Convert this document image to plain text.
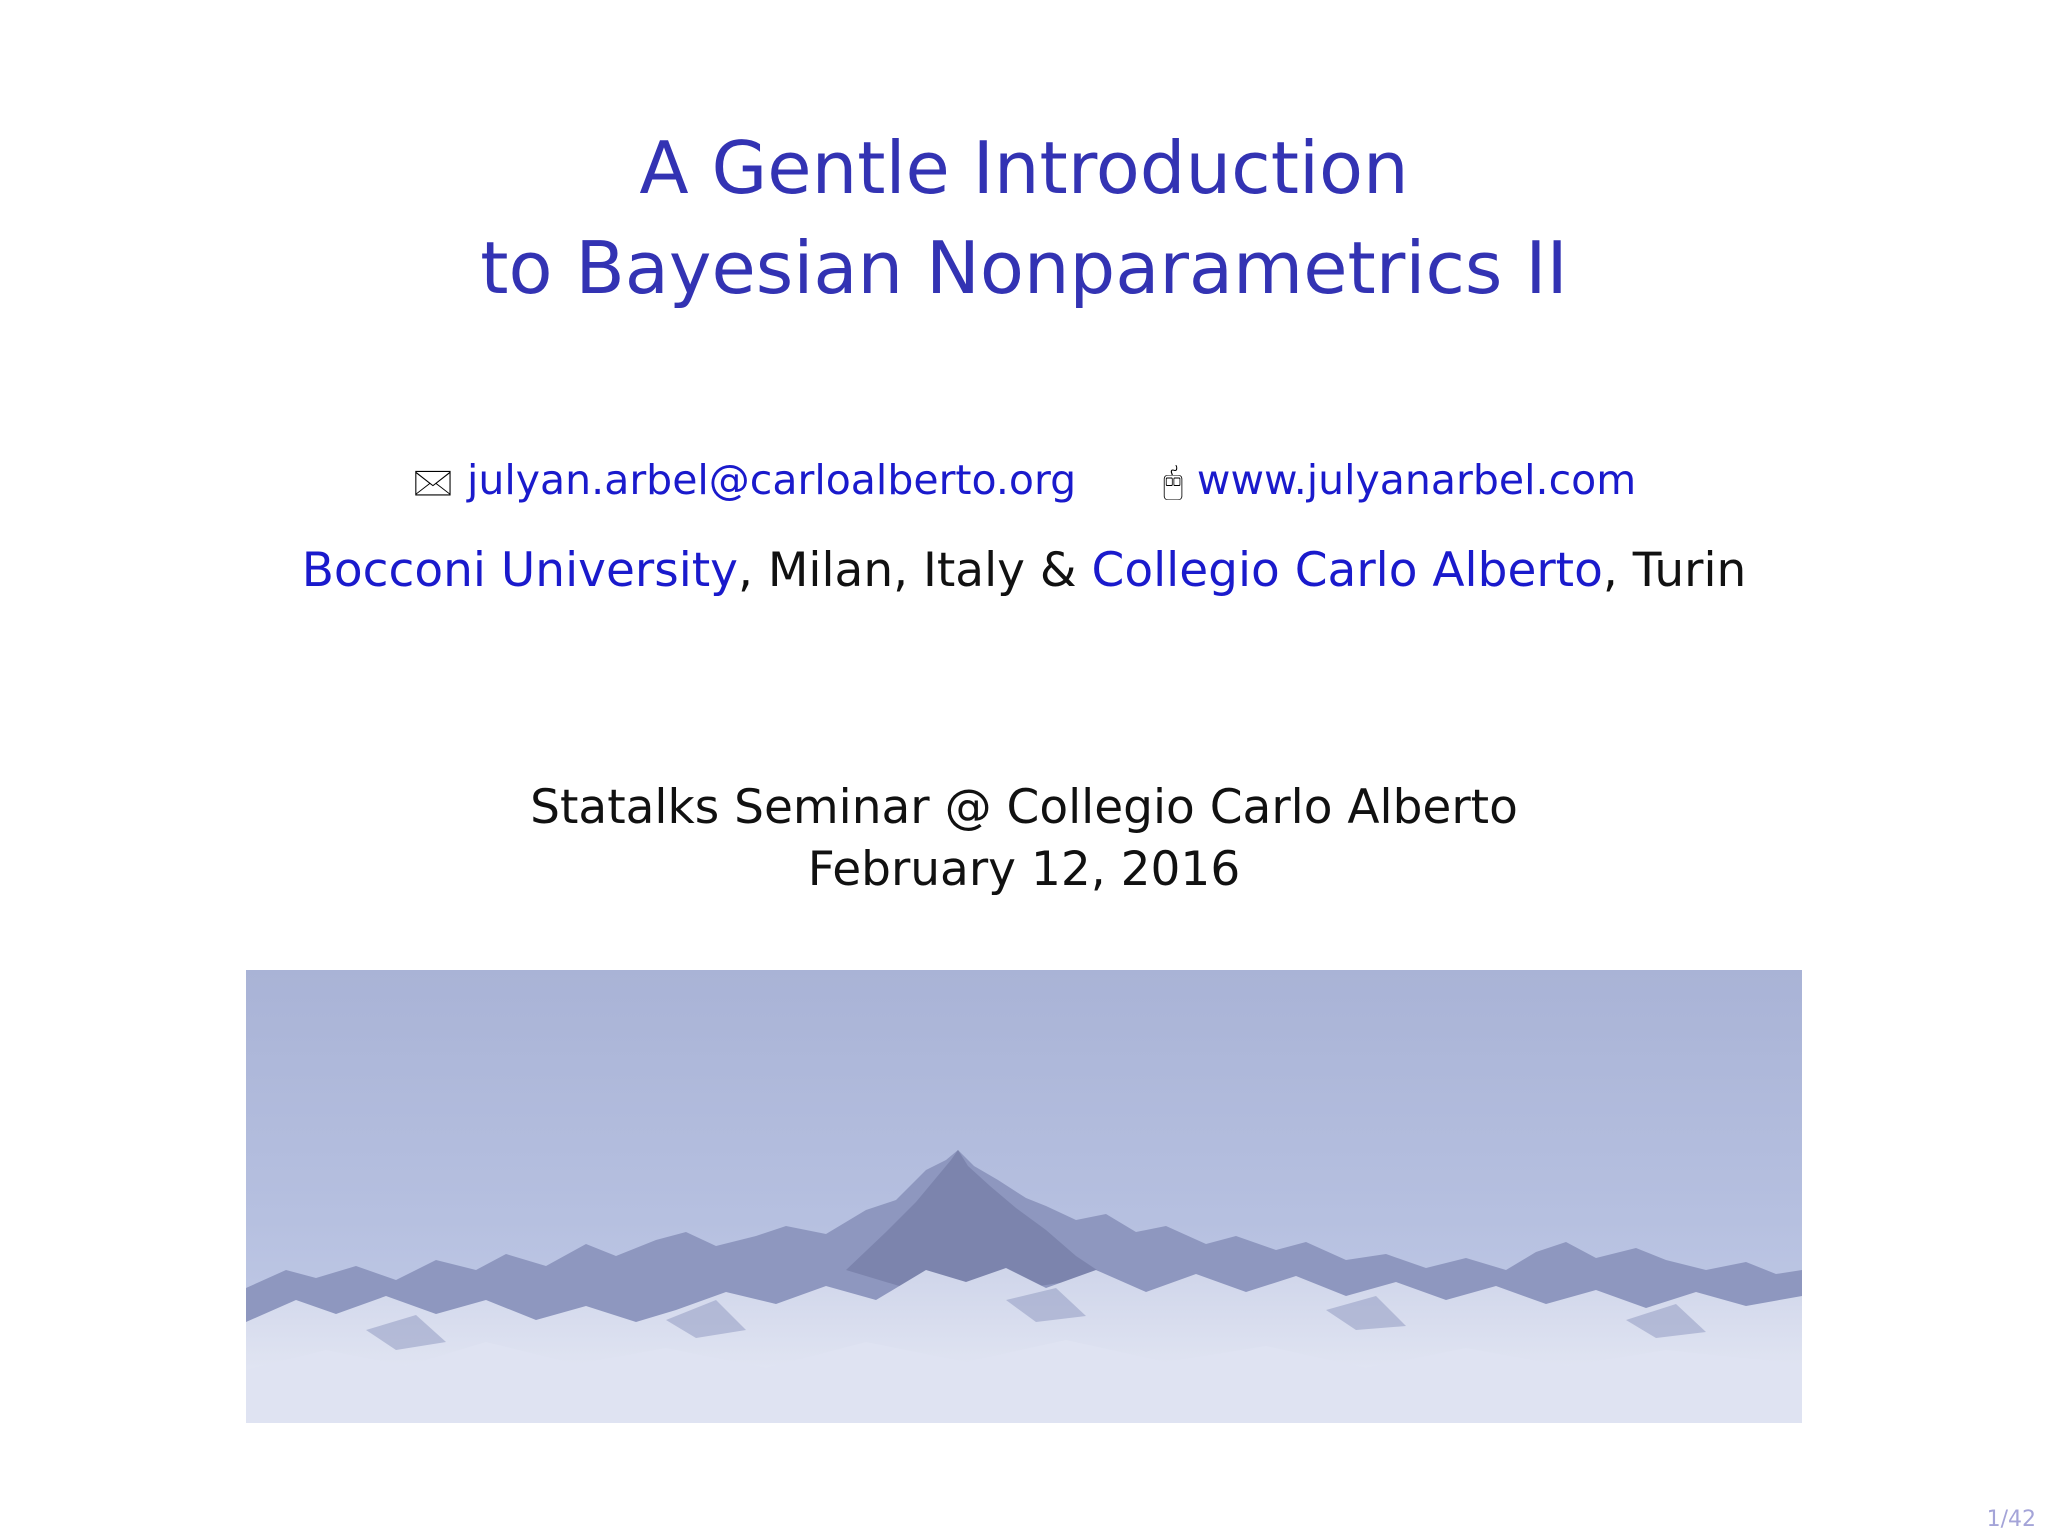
A Gentle Introduction
to Bayesian Nonparametrics II
🖂 julyan.arbel@carloalberto.org 🖰 www.julyanarbel.com
Bocconi University, Milan, Italy & Collegio Carlo Alberto, Turin
Statalks Seminar @ Collegio Carlo Alberto
February 12, 2016
1/42
